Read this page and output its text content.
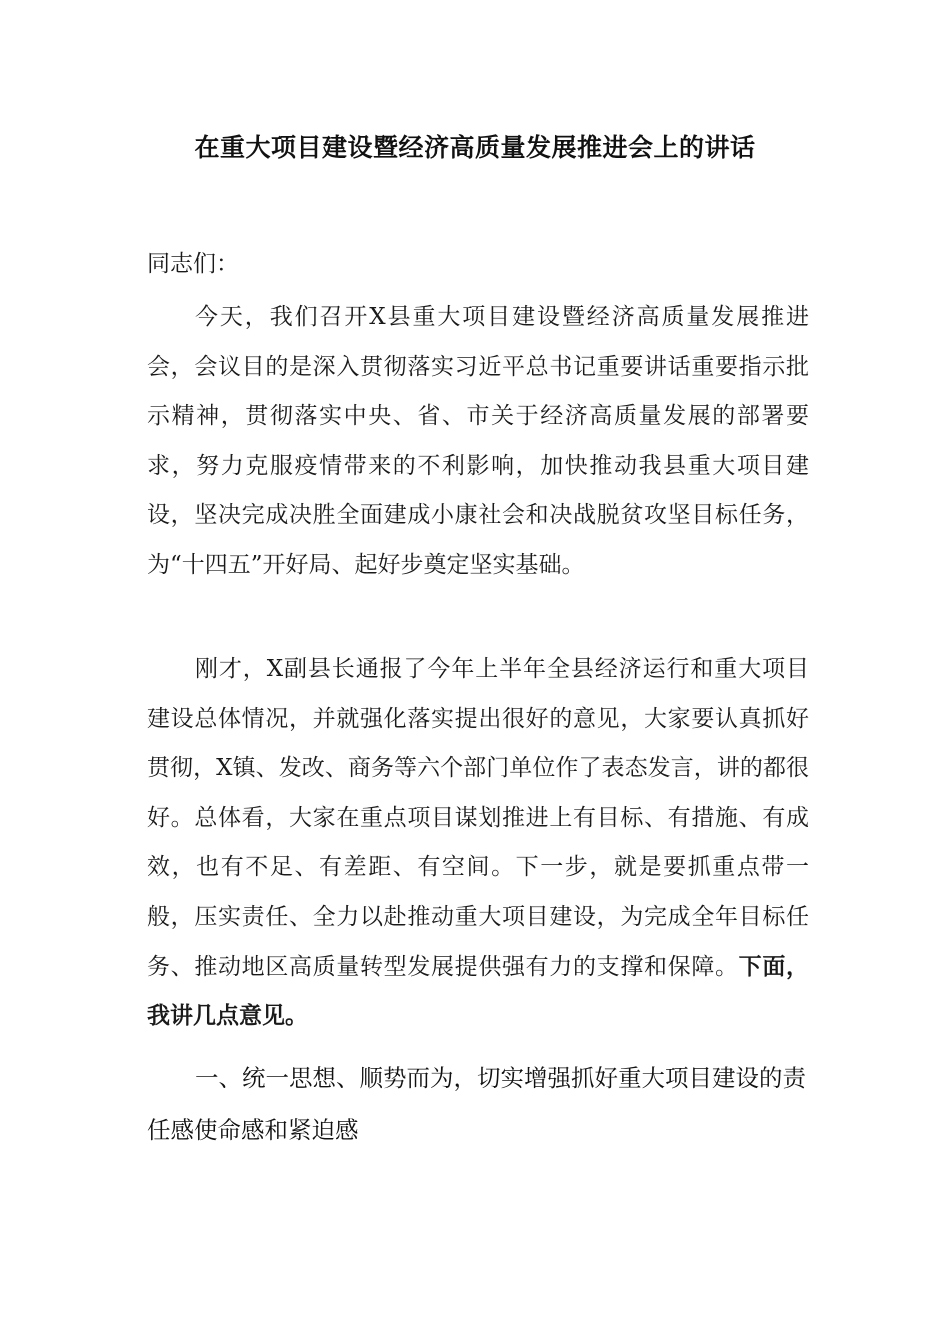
在重大项目建设暨经济高质量发展推进会上的讲话

同志们：

今天，我们召开X县重大项目建设暨经济高质量发展推进会，会议目的是深入贯彻落实习近平总书记重要讲话重要指示批示精神，贯彻落实中央、省、市关于经济高质量发展的部署要求，努力克服疫情带来的不利影响，加快推动我县重大项目建设，坚决完成决胜全面建成小康社会和决战脱贫攻坚目标任务，为“十四五”开好局、起好步奠定坚实基础。

刚才，X副县长通报了今年上半年全县经济运行和重大项目建设总体情况，并就强化落实提出很好的意见，大家要认真抓好贯彻，X镇、发改、商务等六个部门单位作了表态发言，讲的都很好。总体看，大家在重点项目谋划推进上有目标、有措施、有成效，也有不足、有差距、有空间。下一步，就是要抓重点带一般，压实责任、全力以赴推动重大项目建设，为完成全年目标任务、推动地区高质量转型发展提供强有力的支撑和保障。下面，我讲几点意见。

一、统一思想、顺势而为，切实增强抓好重大项目建设的责任感使命感和紧迫感
